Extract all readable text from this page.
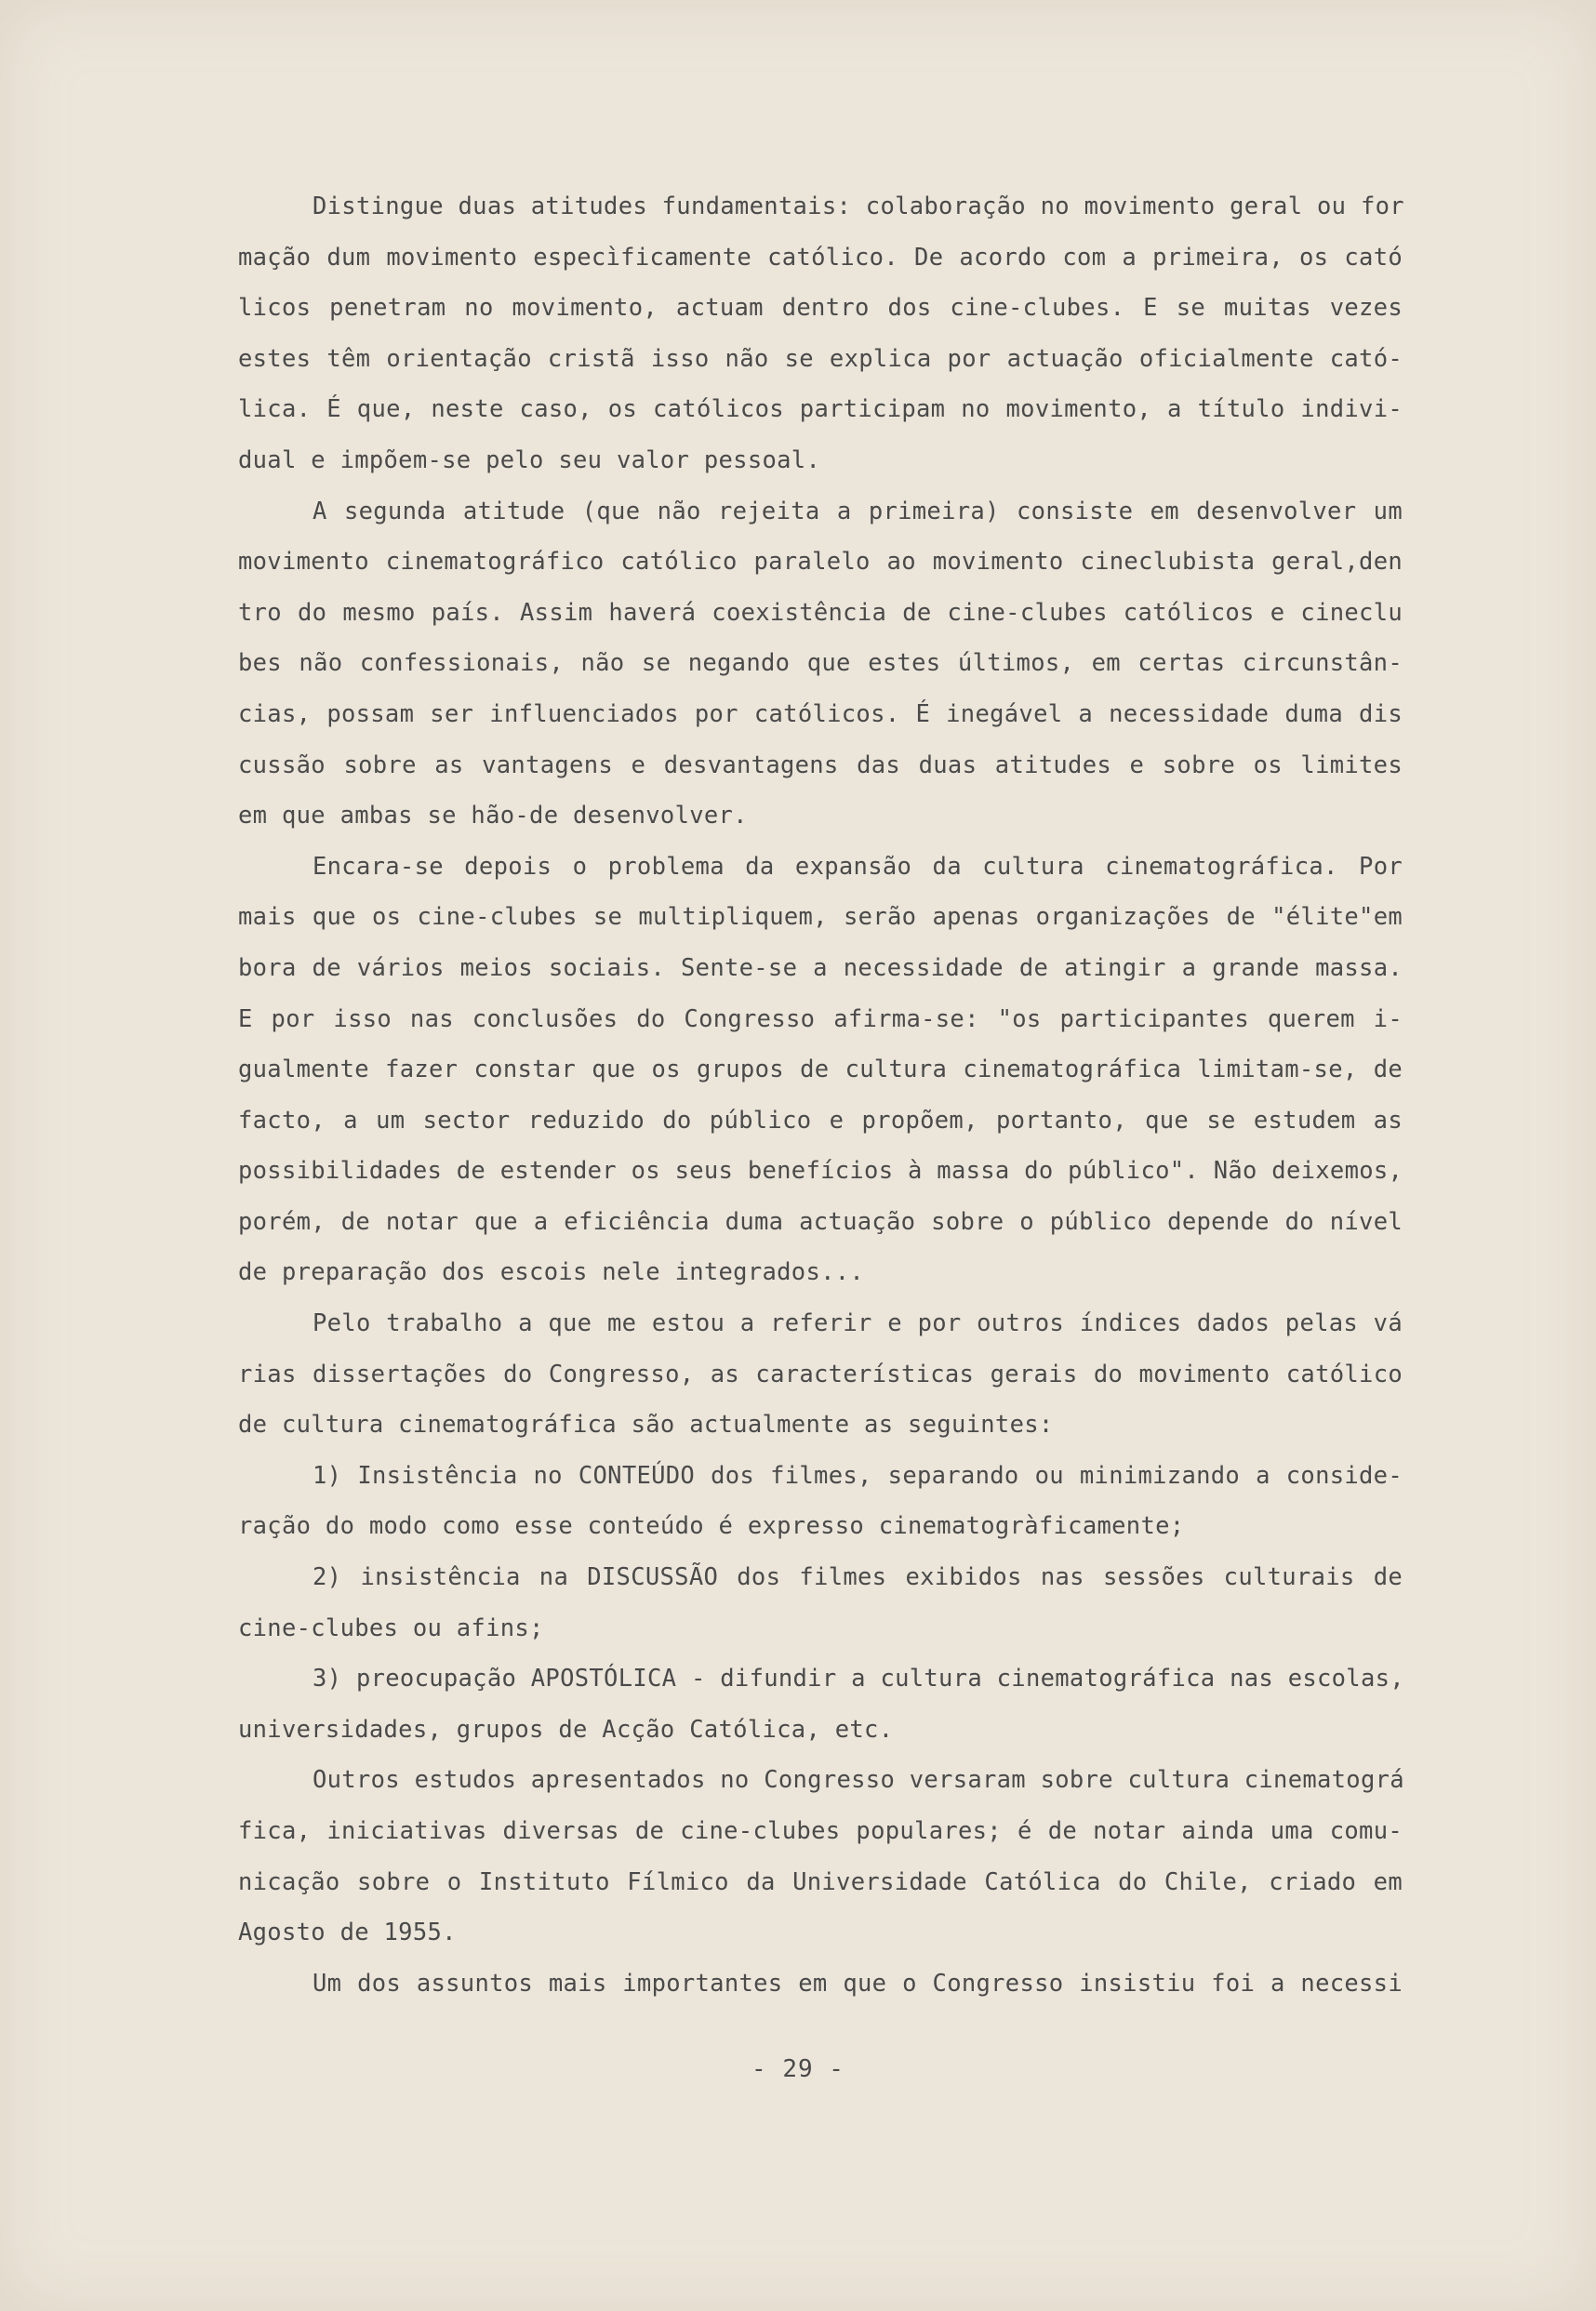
Distingue duas atitudes fundamentais: colaboração no movimento geral ou for
mação dum movimento especìficamente católico. De acordo com a primeira, os cató
licos penetram no movimento, actuam dentro dos cine-clubes. E se muitas vezes
estes têm orientação cristã isso não se explica por actuação oficialmente cató-
lica. É que, neste caso, os católicos participam no movimento, a título indivi-
dual e impõem-se pelo seu valor pessoal.
A segunda atitude (que não rejeita a primeira) consiste em desenvolver um
movimento cinematográfico católico paralelo ao movimento cineclubista geral,den
tro do mesmo país. Assim haverá coexistência de cine-clubes católicos e cineclu
bes não confessionais, não se negando que estes últimos, em certas circunstân-
cias, possam ser influenciados por católicos. É inegável a necessidade duma dis
cussão sobre as vantagens e desvantagens das duas atitudes e sobre os limites
em que ambas se hão-de desenvolver.
Encara-se depois o problema da expansão da cultura cinematográfica. Por
mais que os cine-clubes se multipliquem, serão apenas organizações de "élite"em
bora de vários meios sociais. Sente-se a necessidade de atingir a grande massa.
E por isso nas conclusões do Congresso afirma-se: "os participantes querem i-
gualmente fazer constar que os grupos de cultura cinematográfica limitam-se, de
facto, a um sector reduzido do público e propõem, portanto, que se estudem as
possibilidades de estender os seus benefícios à massa do público". Não deixemos,
porém, de notar que a eficiência duma actuação sobre o público depende do nível
de preparação dos escois nele integrados...
Pelo trabalho a que me estou a referir e por outros índices dados pelas vá
rias dissertações do Congresso, as características gerais do movimento católico
de cultura cinematográfica são actualmente as seguintes:
1) Insistência no CONTEÚDO dos filmes, separando ou minimizando a conside-
ração do modo como esse conteúdo é expresso cinematogràficamente;
2) insistência na DISCUSSÃO dos filmes exibidos nas sessões culturais de
cine-clubes ou afins;
3) preocupação APOSTÓLICA - difundir a cultura cinematográfica nas escolas,
universidades, grupos de Acção Católica, etc.
Outros estudos apresentados no Congresso versaram sobre cultura cinematográ
fica, iniciativas diversas de cine-clubes populares; é de notar ainda uma comu-
nicação sobre o Instituto Fílmico da Universidade Católica do Chile, criado em
Agosto de 1955.
Um dos assuntos mais importantes em que o Congresso insistiu foi a necessi
- 29 -
